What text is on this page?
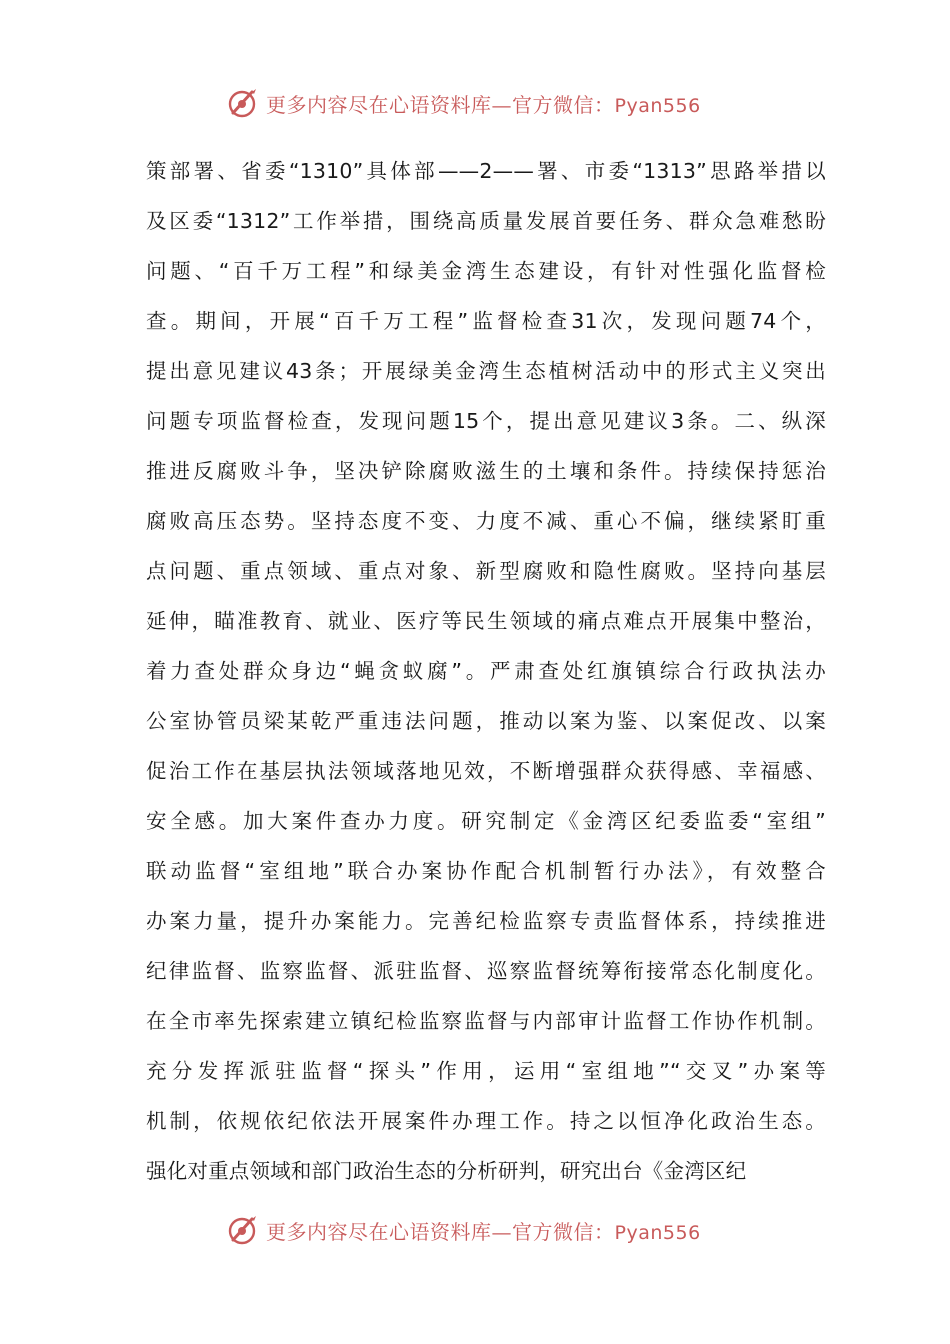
更多内容尽在心语资料库—官方微信：Pyan556
策部署、省委“1310”具体部——2——署、市委“1313”思路举措以
及区委“1312”工作举措，围绕高质量发展首要任务、群众急难愁盼
问题、“百千万工程”和绿美金湾生态建设，有针对性强化监督检
查。期间，开展“百千万工程”监督检查31次，发现问题74个，
提出意见建议43条；开展绿美金湾生态植树活动中的形式主义突出
问题专项监督检查，发现问题15个，提出意见建议3条。二、纵深
推进反腐败斗争，坚决铲除腐败滋生的土壤和条件。持续保持惩治
腐败高压态势。坚持态度不变、力度不减、重心不偏，继续紧盯重
点问题、重点领域、重点对象、新型腐败和隐性腐败。坚持向基层
延伸，瞄准教育、就业、医疗等民生领域的痛点难点开展集中整治，
着力查处群众身边“蝇贪蚁腐”。严肃查处红旗镇综合行政执法办
公室协管员梁某乾严重违法问题，推动以案为鉴、以案促改、以案
促治工作在基层执法领域落地见效，不断增强群众获得感、幸福感、
安全感。加大案件查办力度。研究制定《金湾区纪委监委“室组”
联动监督“室组地”联合办案协作配合机制暂行办法》，有效整合
办案力量，提升办案能力。完善纪检监察专责监督体系，持续推进
纪律监督、监察监督、派驻监督、巡察监督统筹衔接常态化制度化。
在全市率先探索建立镇纪检监察监督与内部审计监督工作协作机制。
充分发挥派驻监督“探头”作用，运用“室组地”“交叉”办案等
机制，依规依纪依法开展案件办理工作。持之以恒净化政治生态。
强化对重点领域和部门政治生态的分析研判，研究出台《金湾区纪
更多内容尽在心语资料库—官方微信：Pyan556
